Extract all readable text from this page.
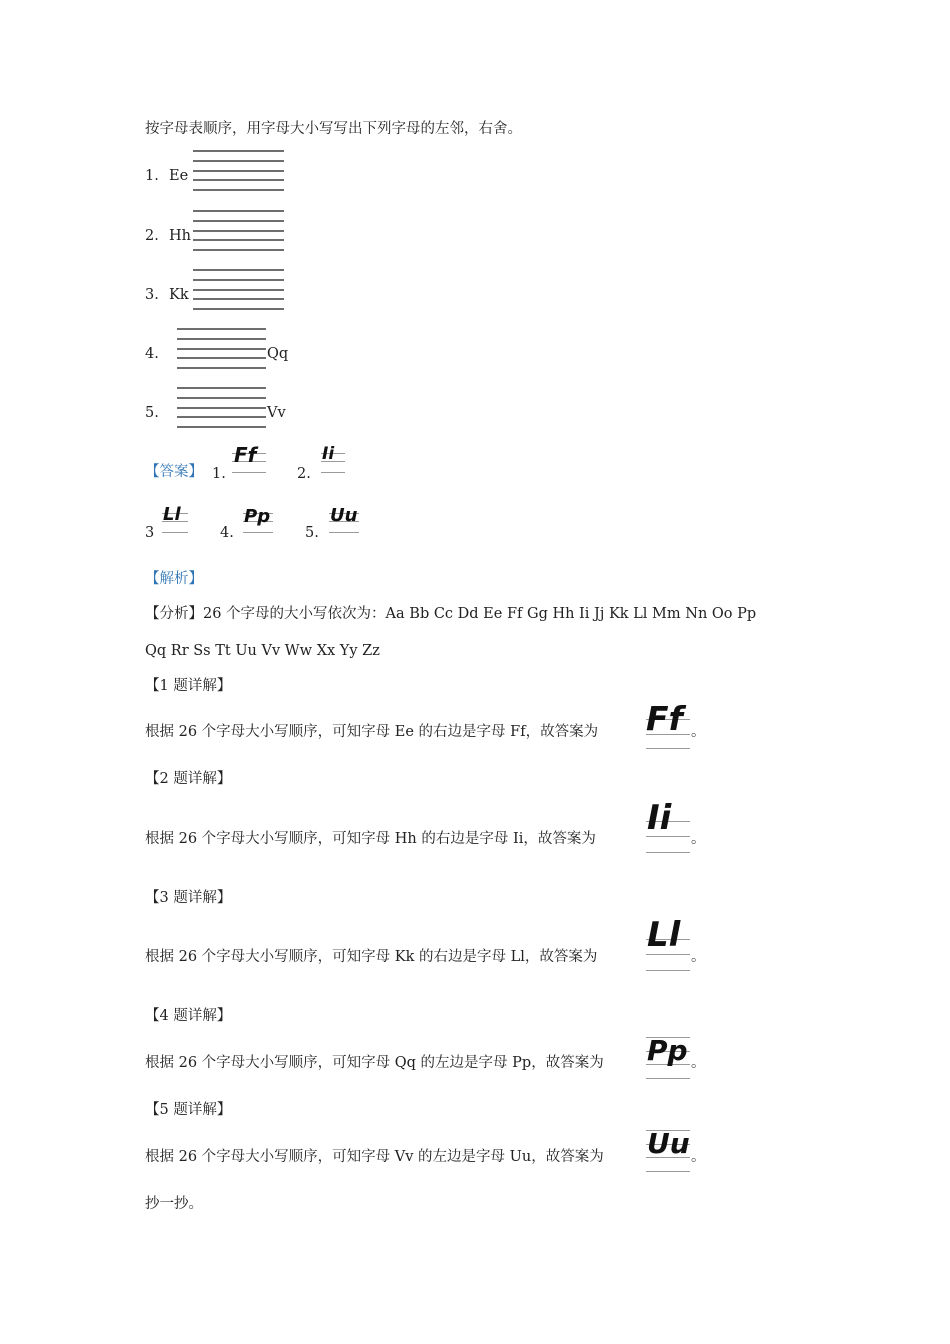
按字母表顺序，用字母大小写写出下列字母的左邻，右舍。
1. Ee
2. Hh
3. Kk
4.	Qq
5.	Vv
【答案】 1.
Ff
2.
Ii
3
Ll
4.
Pp
5.
Uu
【解析】
【分析】26 个字母的大小写依次为：Aa Bb Cc Dd Ee Ff Gg Hh Ii Jj Kk Ll Mm Nn Oo Pp
Qq Rr Ss Tt Uu Vv Ww Xx Yy Zz
【1 题详解】
根据 26 个字母大小写顺序，可知字母 Ee 的右边是字母 Ff，故答案为 Ff 。
【2 题详解】
根据 26 个字母大小写顺序，可知字母 Hh 的右边是字母 Ii，故答案为
Ii
。
【3 题详解】
根据 26 个字母大小写顺序，可知字母 Kk 的右边是字母 Ll，故答案为
Ll
。
【4 题详解】
根据 26 个字母大小写顺序，可知字母 Qq 的左边是字母 Pp，故答案为 Pp 。
【5 题详解】
根据 26 个字母大小写顺序，可知字母 Vv 的左边是字母 Uu，故答案为 Uu 。
抄一抄。
